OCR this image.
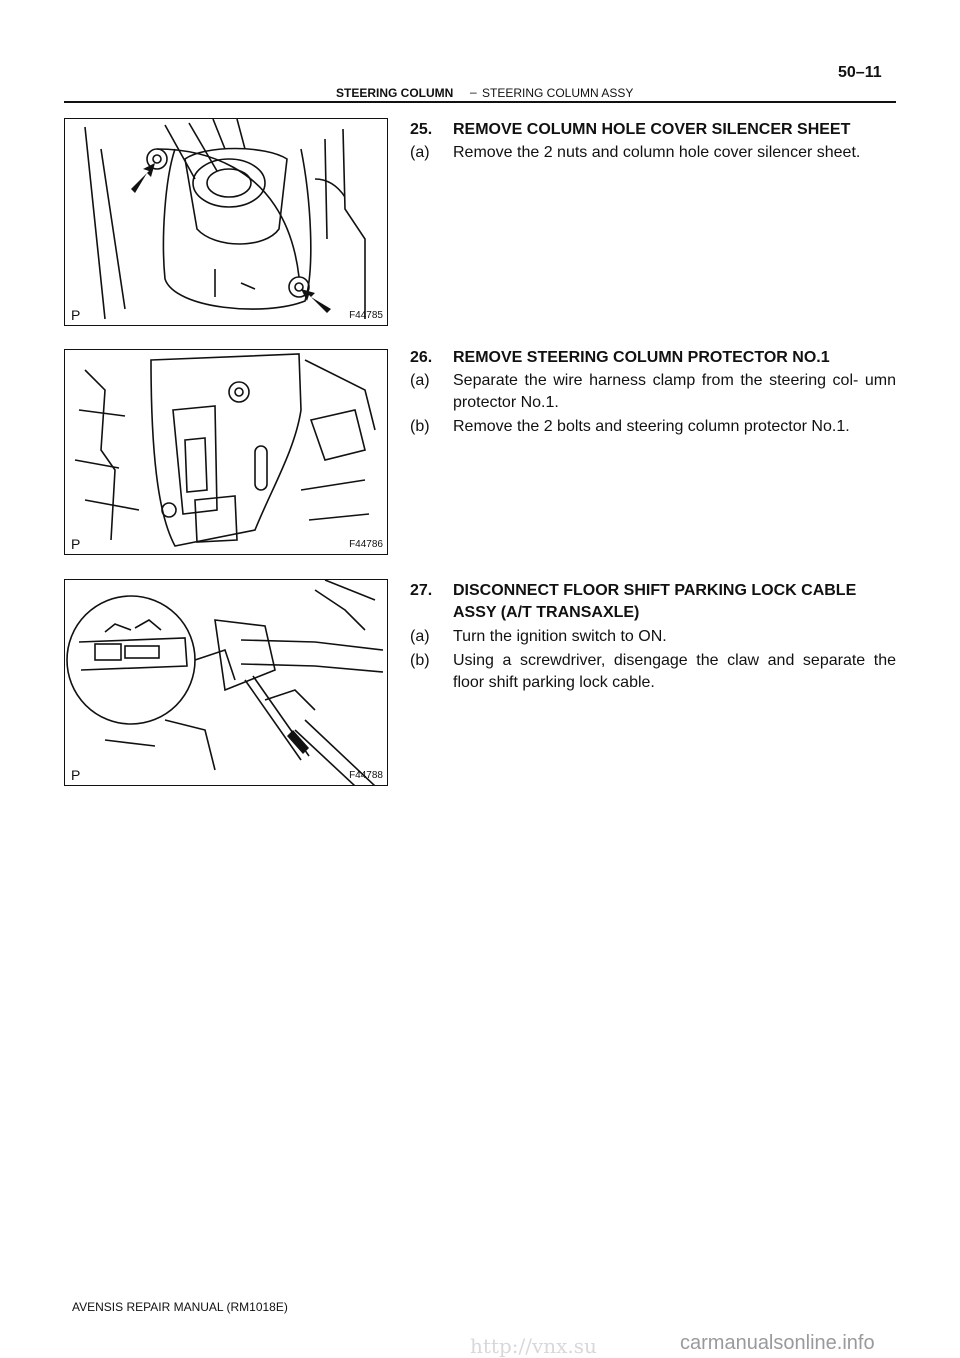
50–11
STEERING COLUMN – STEERING COLUMN ASSY
P	F44785
P	F44786
P	F44788
25. REMOVE COLUMN HOLE COVER SILENCER SHEET
(a) Remove the 2 nuts and column hole cover silencer sheet.
26. REMOVE STEERING COLUMN PROTECTOR NO.1
(a) Separate the wire harness clamp from the steering col- umn protector No.1.
(b) Remove the 2 bolts and steering column protector No.1.
27. DISCONNECT FLOOR SHIFT PARKING LOCK CABLE ASSY (A/T TRANSAXLE)
(a) Turn the ignition switch to ON.
(b) Using a screwdriver, disengage the claw and separate the floor shift parking lock cable.
AVENSIS REPAIR MANUAL (RM1018E)
http://vnx.su	carmanualsonline.info
